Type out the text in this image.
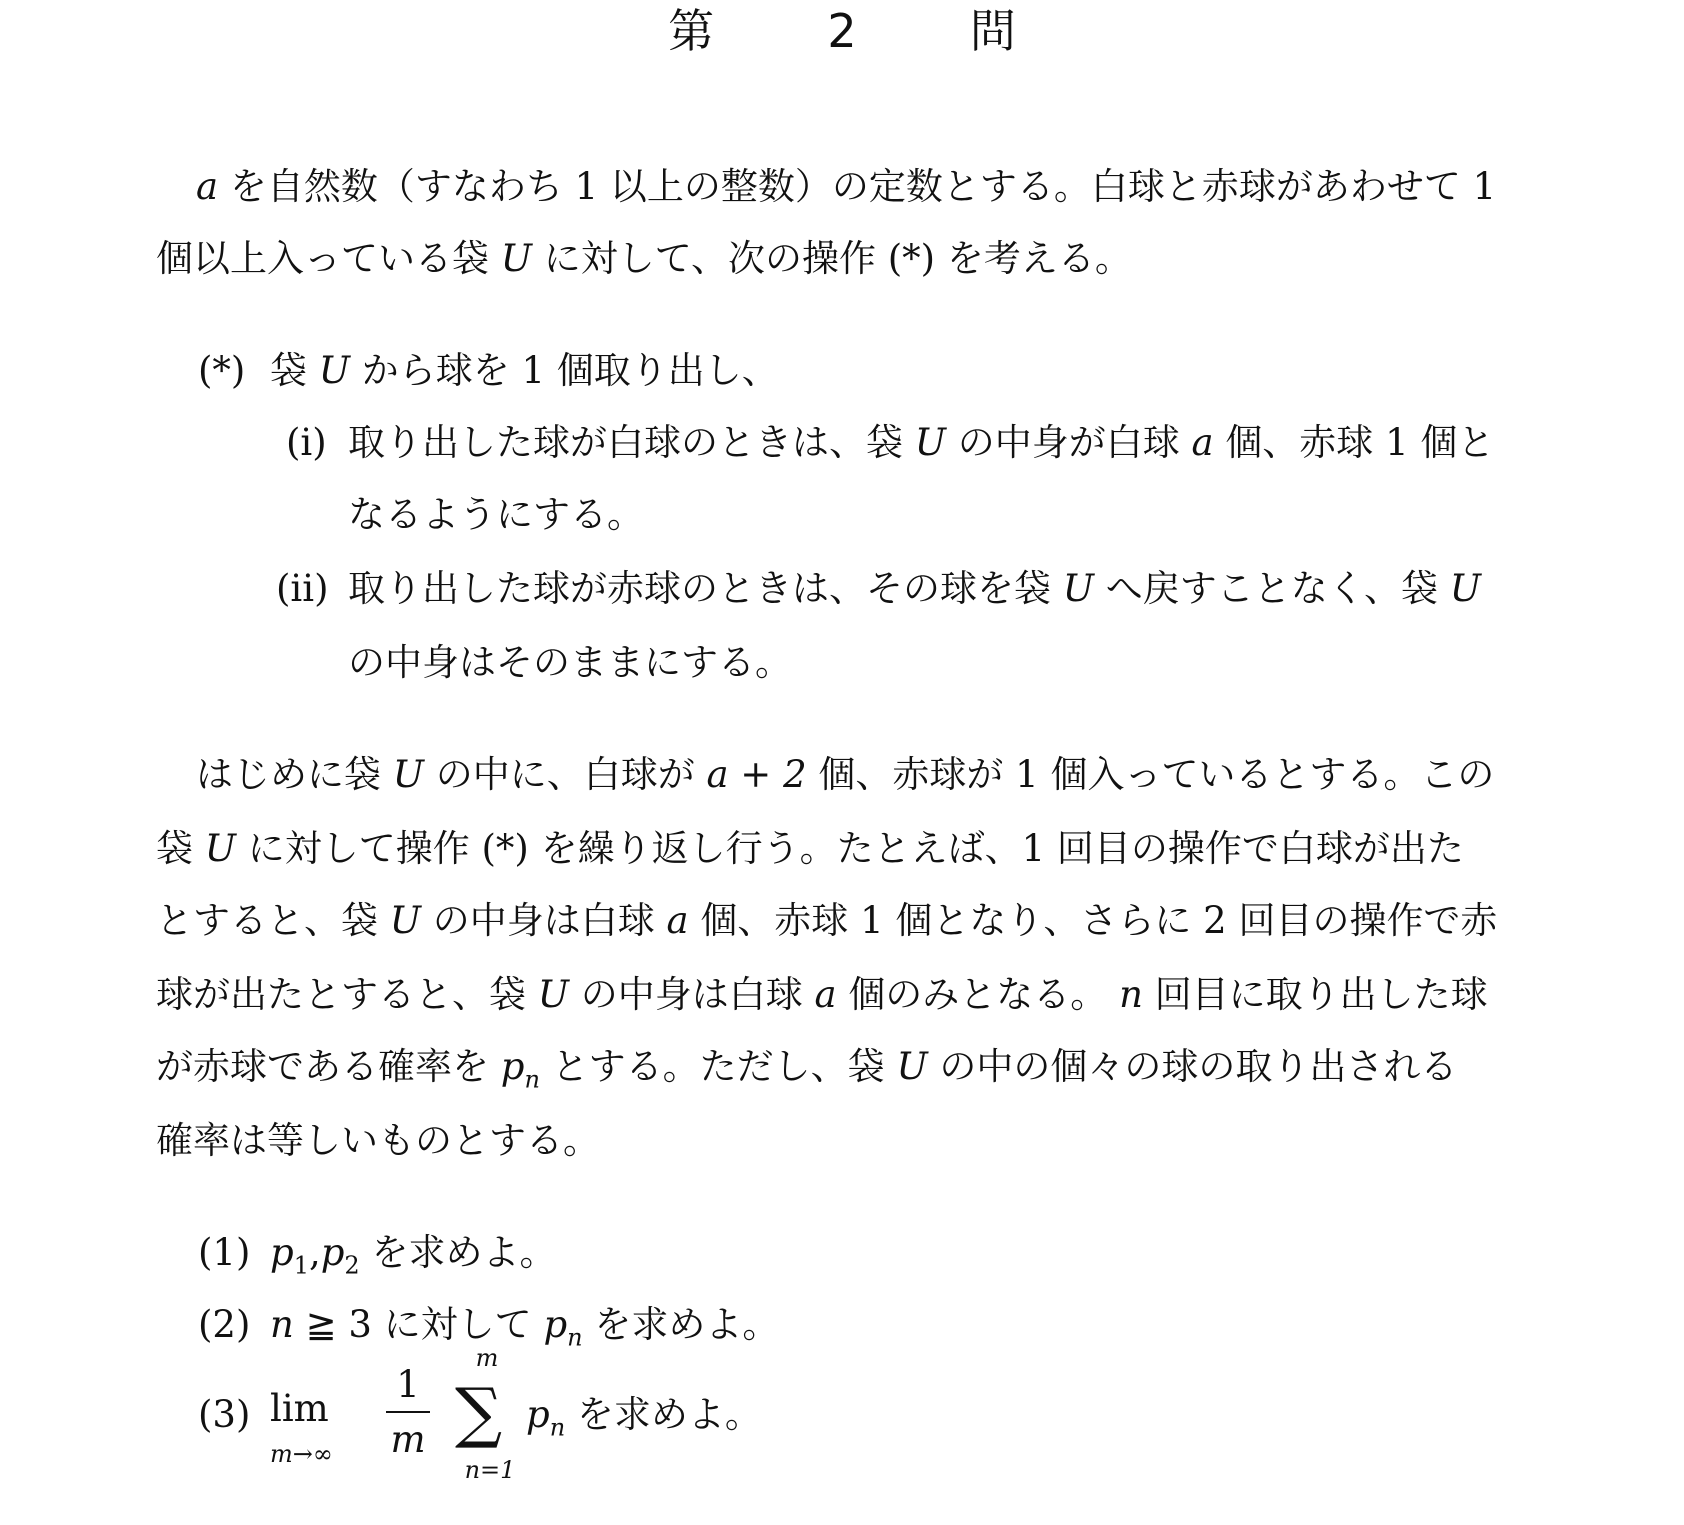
第 2 問
a を自然数（すなわち 1 以上の整数）の定数とする。白球と赤球があわせて 1
個以上入っている袋 U に対して、次の操作 (*) を考える。
(*) 袋 U から球を 1 個取り出し、
(i) 取り出した球が白球のときは、袋 U の中身が白球 a 個、赤球 1 個と
なるようにする。
(ii) 取り出した球が赤球のときは、その球を袋 U へ戻すことなく、袋 U
の中身はそのままにする。
はじめに袋 U の中に、白球が a + 2 個、赤球が 1 個入っているとする。この
袋 U に対して操作 (*) を繰り返し行う。たとえば、1 回目の操作で白球が出た
とすると、袋 U の中身は白球 a 個、赤球 1 個となり、さらに 2 回目の操作で赤
球が出たとすると、袋 U の中身は白球 a 個のみとなる。 n 回目に取り出した球
が赤球である確率を $p_n$ とする。ただし、袋 U の中の個々の球の取り出される
確率は等しいものとする。
(1) $p_1,p_2$ を求めよ。
(2) n ≧ 3 に対して $p_n$ を求めよ。
(3) lim
m→∞
1
m
m
∑
n=1
$p_n$ を求めよ。
